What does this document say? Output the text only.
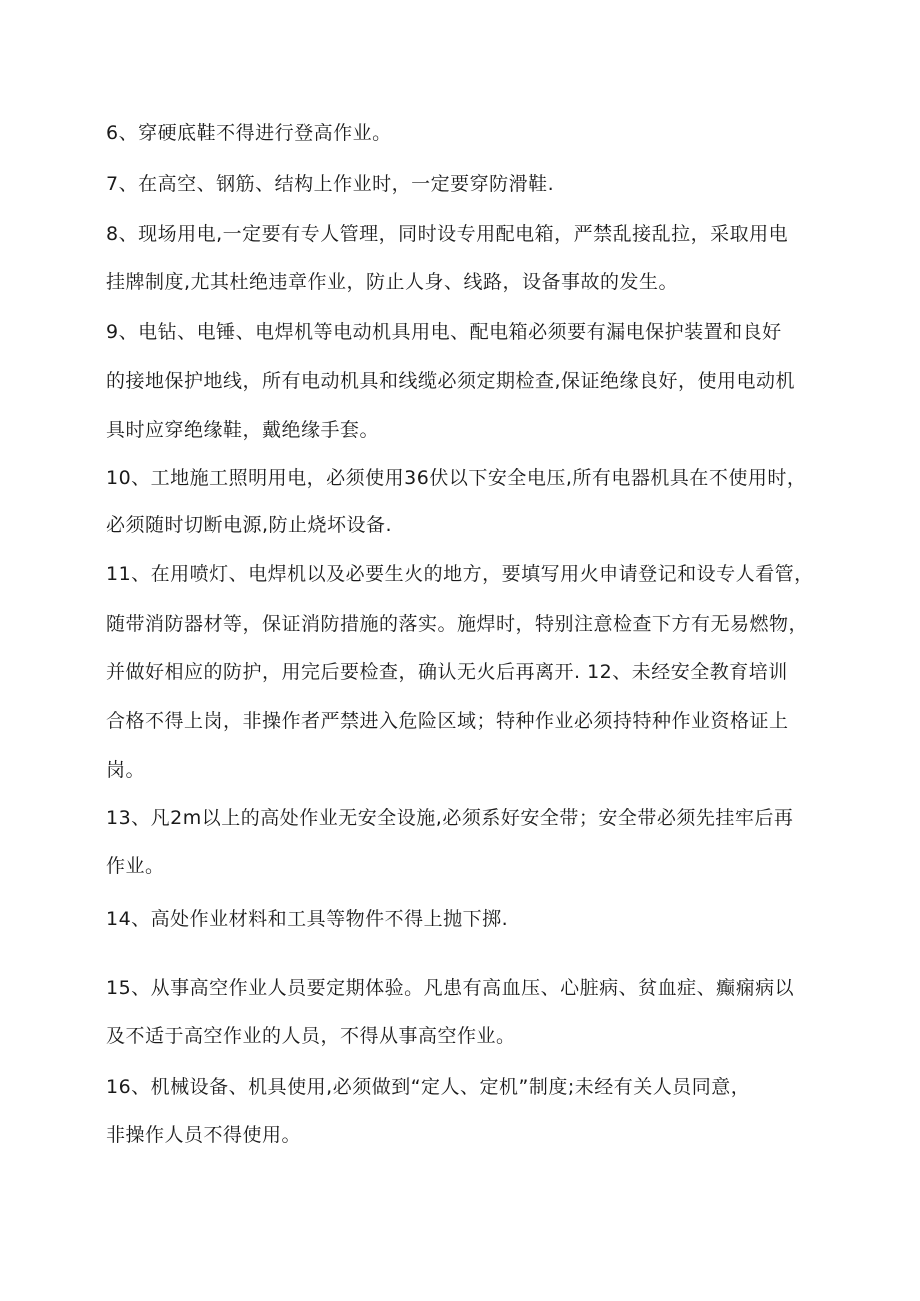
6、穿硬底鞋不得进行登高作业。
7、在高空、钢筋、结构上作业时，一定要穿防滑鞋.
8、现场用电,一定要有专人管理，同时设专用配电箱，严禁乱接乱拉，采取用电
挂牌制度,尤其杜绝违章作业，防止人身、线路，设备事故的发生。
9、电钻、电锤、电焊机等电动机具用电、配电箱必须要有漏电保护装置和良好
的接地保护地线，所有电动机具和线缆必须定期检查,保证绝缘良好，使用电动机
具时应穿绝缘鞋，戴绝缘手套。
10、工地施工照明用电，必须使用36伏以下安全电压,所有电器机具在不使用时，
必须随时切断电源,防止烧坏设备.
11、在用喷灯、电焊机以及必要生火的地方，要填写用火申请登记和设专人看管，
随带消防器材等，保证消防措施的落实。施焊时，特别注意检查下方有无易燃物，
并做好相应的防护，用完后要检查，确认无火后再离开. 12、未经安全教育培训
合格不得上岗，非操作者严禁进入危险区域；特种作业必须持特种作业资格证上
岗。
13、凡2m以上的高处作业无安全设施,必须系好安全带；安全带必须先挂牢后再
作业。
14、高处作业材料和工具等物件不得上抛下掷.
15、从事高空作业人员要定期体验。凡患有高血压、心脏病、贫血症、癫痫病以
及不适于高空作业的人员，不得从事高空作业。
16、机械设备、机具使用,必须做到“定人、定机”制度;未经有关人员同意，
非操作人员不得使用。
